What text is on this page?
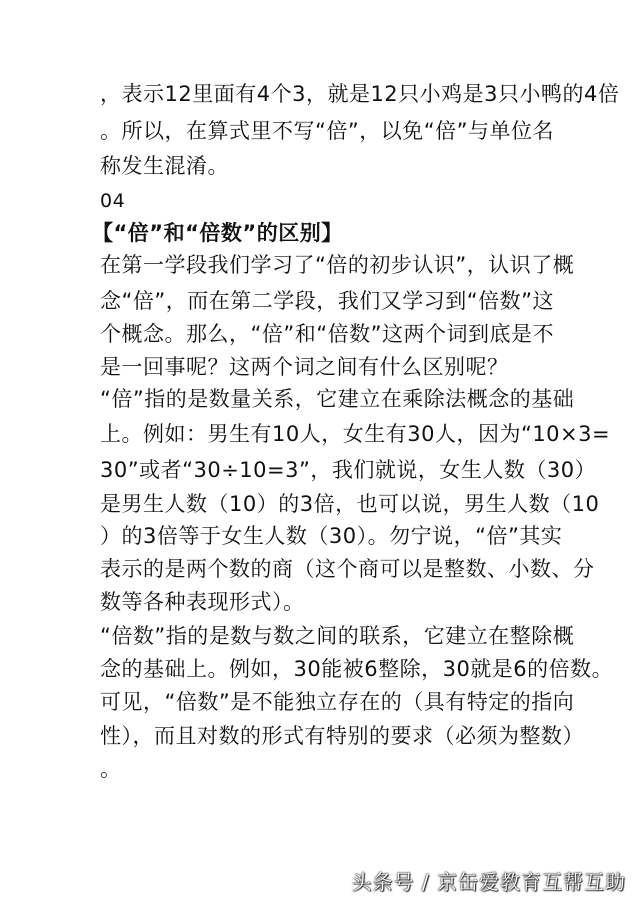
，表示12里面有4个3，就是12只小鸡是3只小鸭的4倍
。所以，在算式里不写“倍”，以免“倍”与单位名
称发生混淆。
04
【“倍”和“倍数”的区别】
在第一学段我们学习了“倍的初步认识”，认识了概
念“倍”，而在第二学段，我们又学习到“倍数”这
个概念。那么，“倍”和“倍数”这两个词到底是不
是一回事呢？这两个词之间有什么区别呢？
“倍”指的是数量关系，它建立在乘除法概念的基础
上。例如：男生有10人，女生有30人，因为“10×3=
30”或者“30÷10=3”，我们就说，女生人数（30）
是男生人数（10）的3倍，也可以说，男生人数（10
）的3倍等于女生人数（30）。勿宁说，“倍”其实
表示的是两个数的商（这个商可以是整数、小数、分
数等各种表现形式）。
“倍数”指的是数与数之间的联系，它建立在整除概
念的基础上。例如，30能被6整除，30就是6的倍数。
可见，“倍数”是不能独立存在的（具有特定的指向
性），而且对数的形式有特别的要求（必须为整数）
。
头条号 / 京缶爱教育互帮互助
